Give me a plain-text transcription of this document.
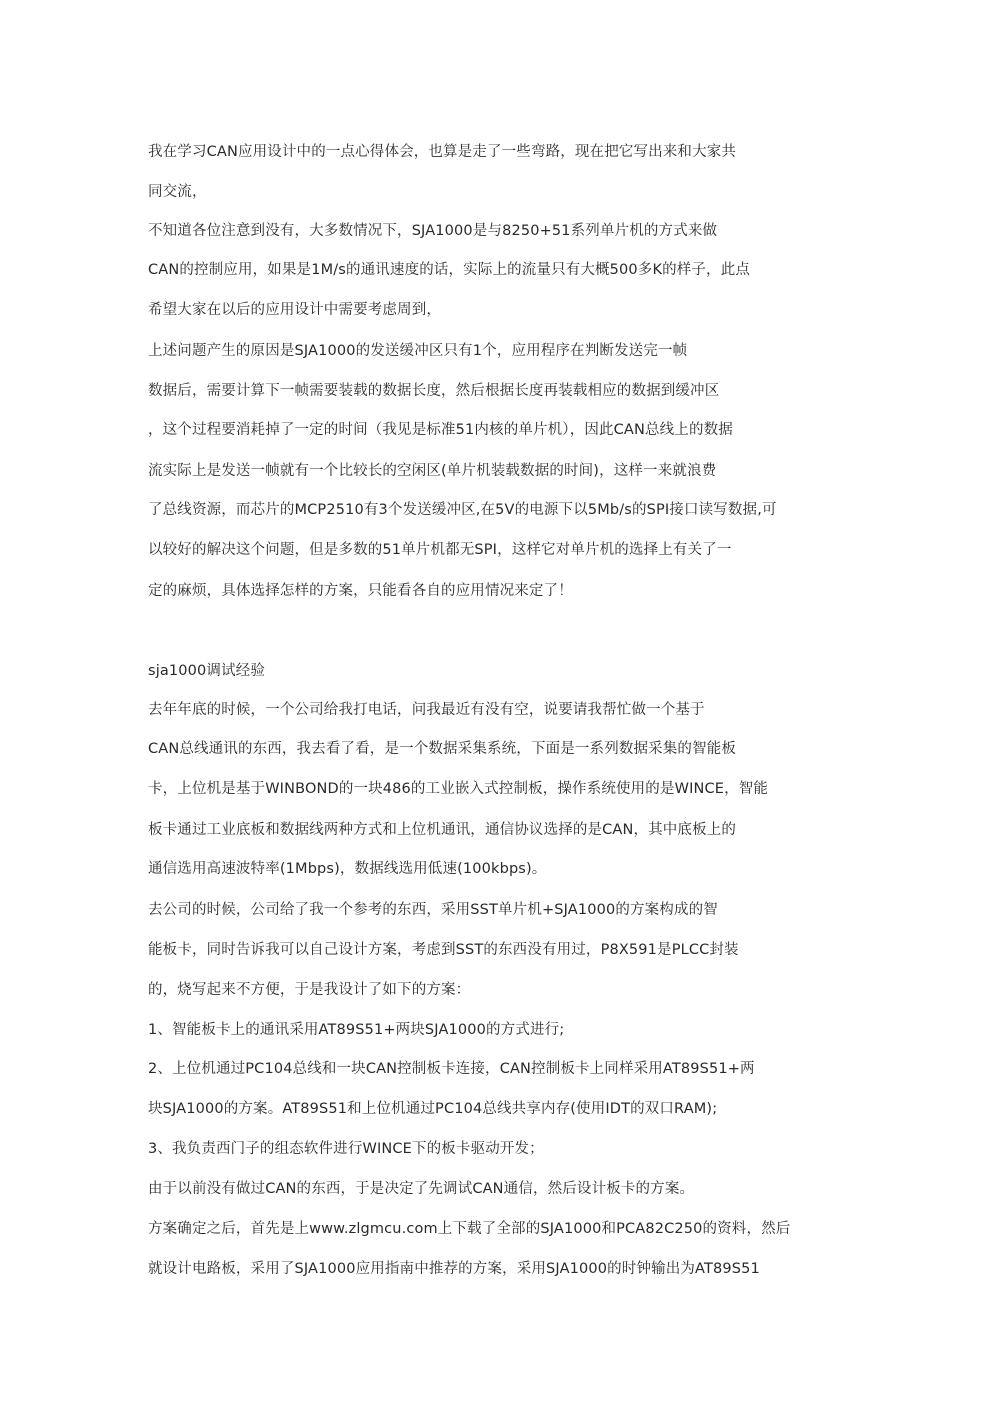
我在学习CAN应用设计中的一点心得体会，也算是走了一些弯路，现在把它写出来和大家共

同交流，

不知道各位注意到没有，大多数情况下，SJA1000是与8250+51系列单片机的方式来做

CAN的控制应用，如果是1M/s的通讯速度的话，实际上的流量只有大概500多K的样子，此点

希望大家在以后的应用设计中需要考虑周到，

上述问题产生的原因是SJA1000的发送缓冲区只有1个，应用程序在判断发送完一帧

数据后，需要计算下一帧需要装载的数据长度，然后根据长度再装载相应的数据到缓冲区

，这个过程要消耗掉了一定的时间（我见是标准51内核的单片机），因此CAN总线上的数据

流实际上是发送一帧就有一个比较长的空闲区(单片机装载数据的时间)，这样一来就浪费

了总线资源，而芯片的MCP2510有3个发送缓冲区,在5V的电源下以5Mb/s的SPI接口读写数据,可

以较好的解决这个问题，但是多数的51单片机都无SPI，这样它对单片机的选择上有关了一

定的麻烦，具体选择怎样的方案，只能看各自的应用情况来定了！

sja1000调试经验

去年年底的时候，一个公司给我打电话，问我最近有没有空，说要请我帮忙做一个基于

CAN总线通讯的东西，我去看了看，是一个数据采集系统，下面是一系列数据采集的智能板

卡，上位机是基于WINBOND的一块486的工业嵌入式控制板，操作系统使用的是WINCE，智能

板卡通过工业底板和数据线两种方式和上位机通讯，通信协议选择的是CAN，其中底板上的

通信选用高速波特率(1Mbps)，数据线选用低速(100kbps)。

去公司的时候，公司给了我一个参考的东西，采用SST单片机+SJA1000的方案构成的智

能板卡，同时告诉我可以自己设计方案，考虑到SST的东西没有用过，P8X591是PLCC封装

的，烧写起来不方便，于是我设计了如下的方案：

1、智能板卡上的通讯采用AT89S51+两块SJA1000的方式进行;

2、上位机通过PC104总线和一块CAN控制板卡连接，CAN控制板卡上同样采用AT89S51+两

块SJA1000的方案。AT89S51和上位机通过PC104总线共享内存(使用IDT的双口RAM);

3、我负责西门子的组态软件进行WINCE下的板卡驱动开发；

由于以前没有做过CAN的东西，于是决定了先调试CAN通信，然后设计板卡的方案。

方案确定之后，首先是上www.zlgmcu.com上下载了全部的SJA1000和PCA82C250的资料，然后

就设计电路板，采用了SJA1000应用指南中推荐的方案，采用SJA1000的时钟输出为AT89S51
